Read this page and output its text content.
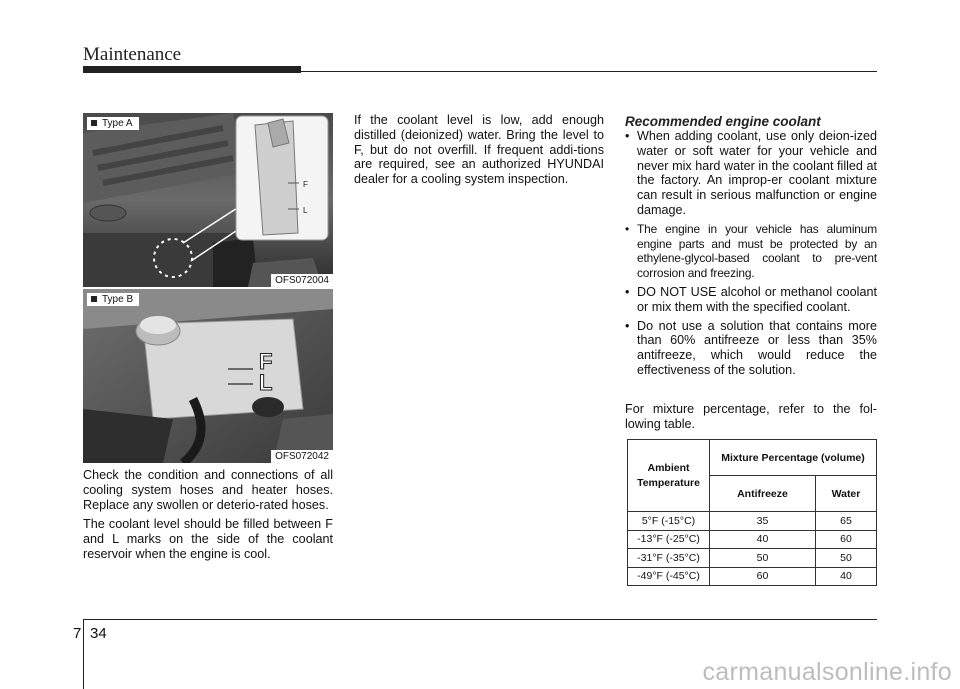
Maintenance
F
L
Type A
OFS072004
F
L
Type B
OFS072042

Check the condition and connections of all cooling system hoses and heater hoses. Replace any swollen or deterio-rated hoses.

The coolant level should be filled between F and L marks on the side of the coolant reservoir when the engine is cool.

If the coolant level is low, add enough distilled (deionized) water. Bring the level to F, but do not overfill. If frequent addi-tions are required, see an authorized HYUNDAI dealer for a cooling system inspection.

Recommended engine coolant
• When adding coolant, use only deion-ized water or soft water for your vehicle and never mix hard water in the coolant filled at the factory. An improp-er coolant mixture can result in serious malfunction or engine damage.
• The engine in your vehicle has aluminum engine parts and must be protected by an ethylene-glycol-based coolant to pre-vent corrosion and freezing.
• DO NOT USE alcohol or methanol coolant or mix them with the specified coolant.
• Do not use a solution that contains more than 60% antifreeze or less than 35% antifreeze, which would reduce the effectiveness of the solution.
For mixture percentage, refer to the fol-lowing table.
Ambient Temperature	Mixture Percentage (volume)	
	Antifreeze	Water
5°F (-15°C)	35	65
-13°F (-25°C)	40	60
-31°F (-35°C)	50	50
-49°F (-45°C)	60	40
7 34
carmanualsonline.info
